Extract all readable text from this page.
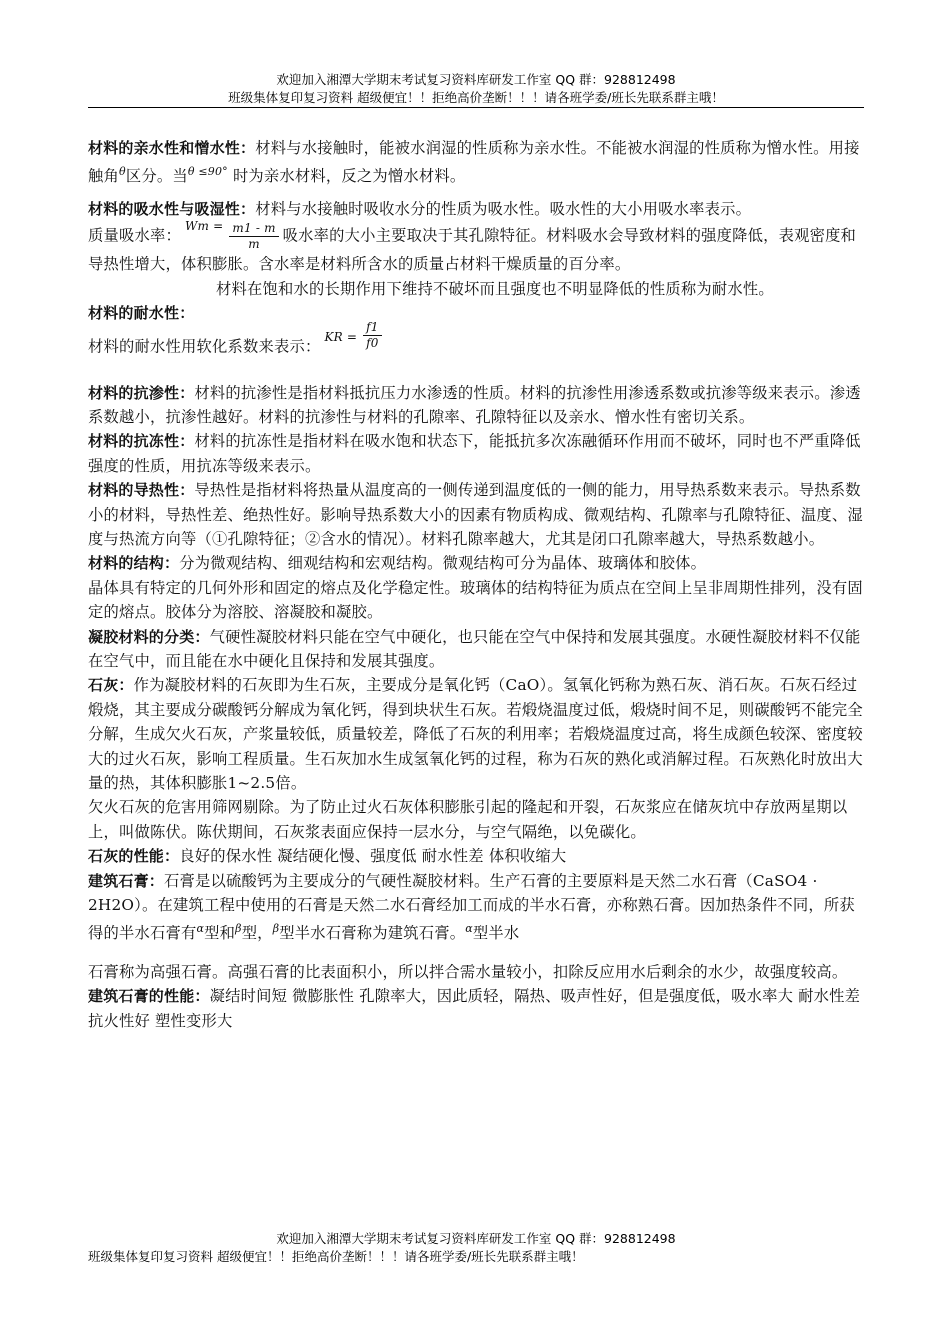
欢迎加入湘潭大学期末考试复习资料库研发工作室 QQ 群：928812498
班级集体复印复习资料 超级便宜！！拒绝高价垄断！！！请各班学委/班长先联系群主哦！

材料的亲水性和憎水性：材料与水接触时，能被水润湿的性质称为亲水性。不能被水润湿的性质称为憎水性。用接触角$^\theta$区分。当$^{\theta \le 90^\circ}$ 时为亲水材料，反之为憎水材料。

材料的吸水性与吸湿性：材料与水接触时吸收水分的性质为吸水性。吸水性的大小用吸水率表示。

质量吸水率：$Wm = \frac{m1 - m}{m}$ 吸水率的大小主要取决于其孔隙特征。材料吸水会导致材料的强度降低，表观密度和导热性增大，体积膨胀。含水率是材料所含水的质量占材料干燥质量的百分率。

材料在饱和水的长期作用下维持不破坏而且强度也不明显降低的性质称为耐水性。

材料的耐水性：

材料的耐水性用软化系数来表示：KR = $\frac{f1}{f0}$

材料的抗渗性：材料的抗渗性是指材料抵抗压力水渗透的性质。材料的抗渗性用渗透系数或抗渗等级来表示。渗透系数越小，抗渗性越好。材料的抗渗性与材料的孔隙率、孔隙特征以及亲水、憎水性有密切关系。

材料的抗冻性：材料的抗冻性是指材料在吸水饱和状态下，能抵抗多次冻融循环作用而不破坏，同时也不严重降低强度的性质，用抗冻等级来表示。

材料的导热性：导热性是指材料将热量从温度高的一侧传递到温度低的一侧的能力，用导热系数来表示。导热系数小的材料，导热性差、绝热性好。影响导热系数大小的因素有物质构成、微观结构、孔隙率与孔隙特征、温度、湿度与热流方向等（①孔隙特征；②含水的情况）。材料孔隙率越大，尤其是闭口孔隙率越大，导热系数越小。

材料的结构：分为微观结构、细观结构和宏观结构。微观结构可分为晶体、玻璃体和胶体。

晶体具有特定的几何外形和固定的熔点及化学稳定性。玻璃体的结构特征为质点在空间上呈非周期性排列，没有固定的熔点。胶体分为溶胶、溶凝胶和凝胶。

凝胶材料的分类：气硬性凝胶材料只能在空气中硬化，也只能在空气中保持和发展其强度。水硬性凝胶材料不仅能在空气中，而且能在水中硬化且保持和发展其强度。

石灰：作为凝胶材料的石灰即为生石灰，主要成分是氧化钙（CaO）。氢氧化钙称为熟石灰、消石灰。石灰石经过煅烧，其主要成分碳酸钙分解成为氧化钙，得到块状生石灰。若煅烧温度过低，煅烧时间不足，则碳酸钙不能完全分解，生成欠火石灰，产浆量较低，质量较差，降低了石灰的利用率；若煅烧温度过高，将生成颜色较深、密度较大的过火石灰，影响工程质量。生石灰加水生成氢氧化钙的过程，称为石灰的熟化或消解过程。石灰熟化时放出大量的热，其体积膨胀1~2.5倍。

欠火石灰的危害用筛网剔除。为了防止过火石灰体积膨胀引起的隆起和开裂，石灰浆应在储灰坑中存放两星期以上，叫做陈伏。陈伏期间，石灰浆表面应保持一层水分，与空气隔绝，以免碳化。

石灰的性能：良好的保水性 凝结硬化慢、强度低 耐水性差 体积收缩大

建筑石膏：石膏是以硫酸钙为主要成分的气硬性凝胶材料。生产石膏的主要原料是天然二水石膏（CaSO4 · 2H2O）。在建筑工程中使用的石膏是天然二水石膏经加工而成的半水石膏，亦称熟石膏。因加热条件不同，所获得的半水石膏有$^\alpha$型和$^\beta$型，$^\beta$型半水石膏称为建筑石膏。$^\alpha$型半水

石膏称为高强石膏。高强石膏的比表面积小，所以拌合需水量较小，扣除反应用水后剩余的水少，故强度较高。

建筑石膏的性能：凝结时间短 微膨胀性 孔隙率大，因此质轻，隔热、吸声性好，但是强度低，吸水率大 耐水性差 抗火性好 塑性变形大

欢迎加入湘潭大学期末考试复习资料库研发工作室 QQ 群：928812498
班级集体复印复习资料 超级便宜！！拒绝高价垄断！！！请各班学委/班长先联系群主哦！
